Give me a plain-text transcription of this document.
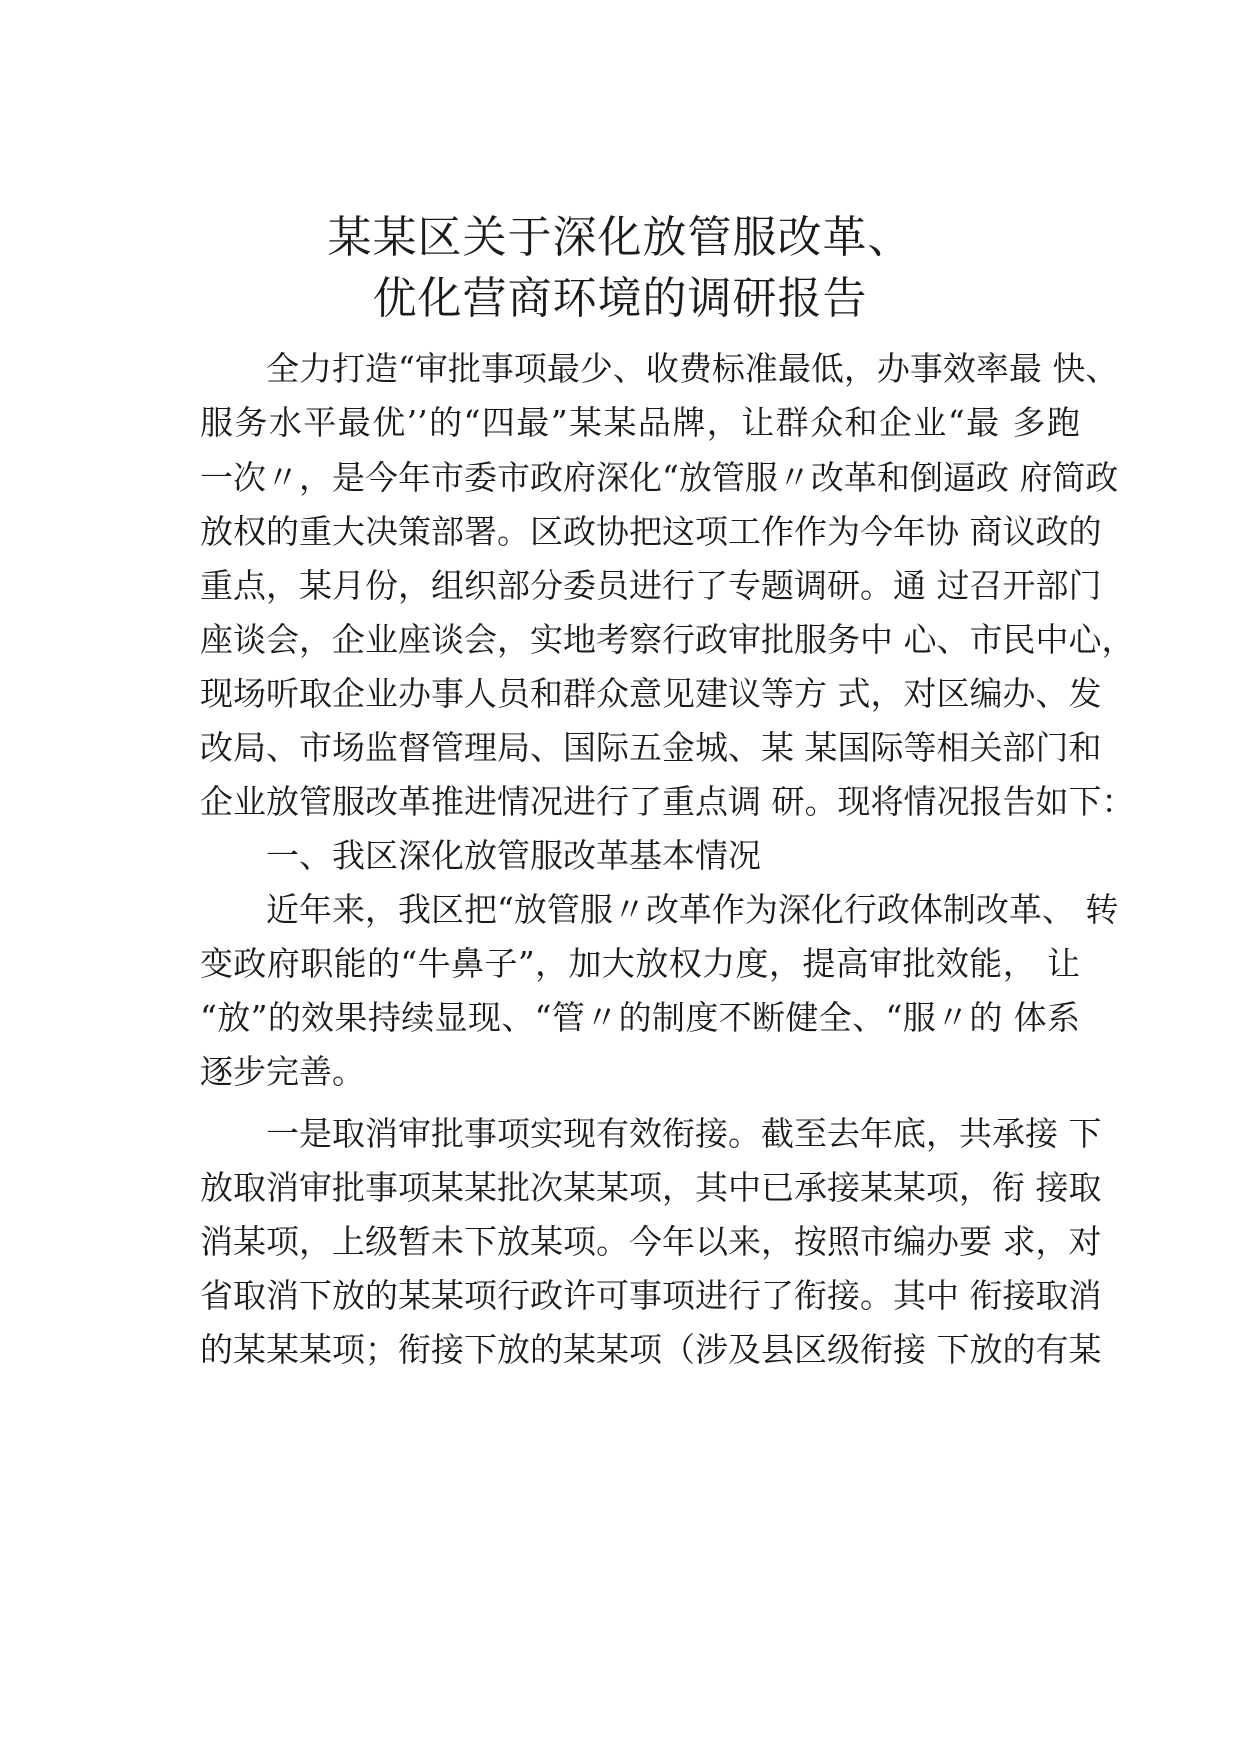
某某区关于深化放管服改革、
优化营商环境的调研报告
全力打造“审批事项最少、收费标准最低，办事效率最 快、
服务水平最优’’的“四最”某某品牌，让群众和企业“最 多跑
一次〃，是今年市委市政府深化“放管服〃改革和倒逼政 府简政
放权的重大决策部署。区政协把这项工作作为今年协 商议政的
重点，某月份，组织部分委员进行了专题调研。通 过召开部门
座谈会，企业座谈会，实地考察行政审批服务中 心、市民中心，
现场听取企业办事人员和群众意见建议等方 式，对区编办、发
改局、市场监督管理局、国际五金城、某 某国际等相关部门和
企业放管服改革推进情况进行了重点调 研。现将情况报告如下：
一、我区深化放管服改革基本情况
近年来，我区把“放管服〃改革作为深化行政体制改革、 转
变政府职能的“牛鼻子”，加大放权力度，提高审批效能， 让
“放”的效果持续显现、“管〃的制度不断健全、“服〃的 体系
逐步完善。
一是取消审批事项实现有效衔接。截至去年底，共承接 下
放取消审批事项某某批次某某项，其中已承接某某项，衔 接取
消某项，上级暂未下放某项。今年以来，按照市编办要 求，对
省取消下放的某某项行政许可事项进行了衔接。其中 衔接取消
的某某某项；衔接下放的某某项（涉及县区级衔接 下放的有某
